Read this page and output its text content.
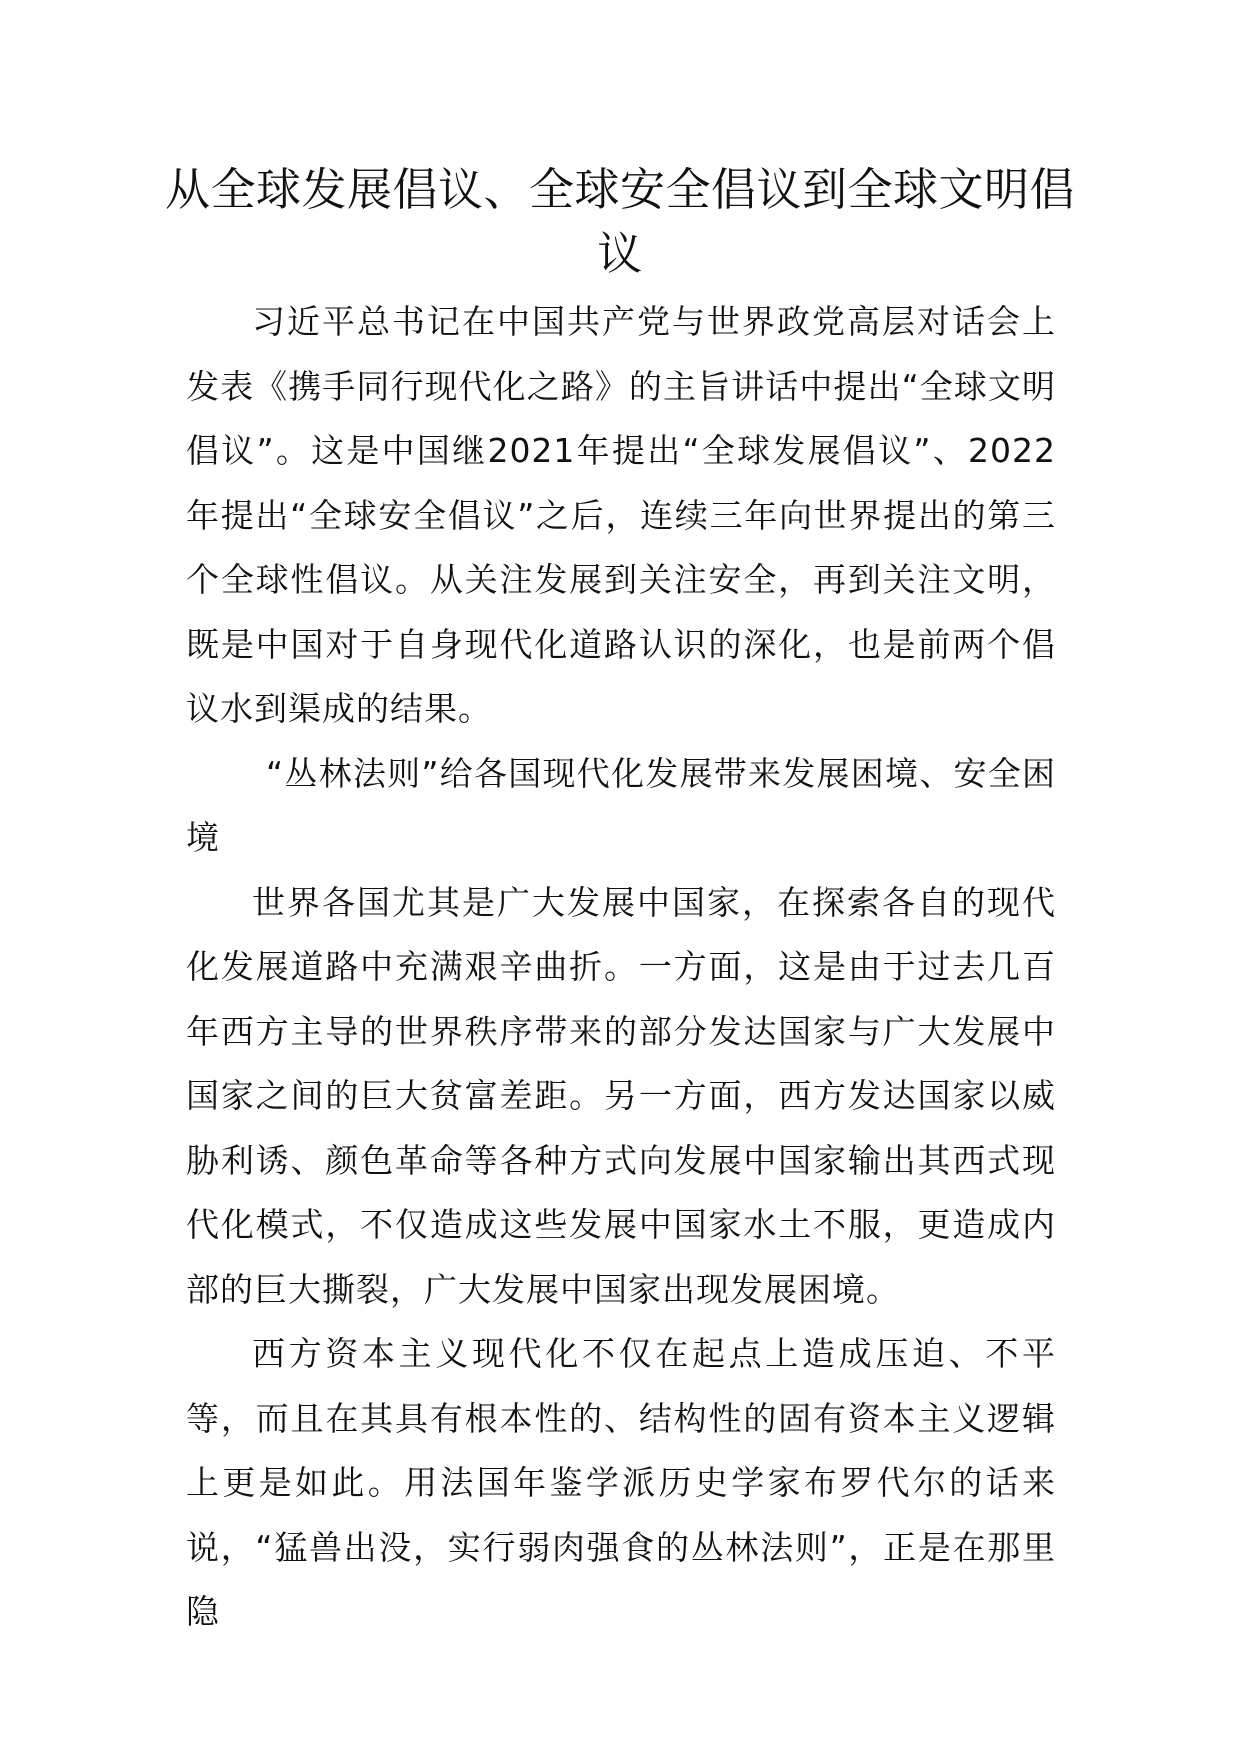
从全球发展倡议、全球安全倡议到全球文明倡议

习近平总书记在中国共产党与世界政党高层对话会上发表《携手同行现代化之路》的主旨讲话中提出“全球文明倡议”。这是中国继2021年提出“全球发展倡议”、2022年提出“全球安全倡议”之后，连续三年向世界提出的第三个全球性倡议。从关注发展到关注安全，再到关注文明，既是中国对于自身现代化道路认识的深化，也是前两个倡议水到渠成的结果。

“丛林法则”给各国现代化发展带来发展困境、安全困境

世界各国尤其是广大发展中国家，在探索各自的现代化发展道路中充满艰辛曲折。一方面，这是由于过去几百年西方主导的世界秩序带来的部分发达国家与广大发展中国家之间的巨大贫富差距。另一方面，西方发达国家以威胁利诱、颜色革命等各种方式向发展中国家输出其西式现代化模式，不仅造成这些发展中国家水土不服，更造成内部的巨大撕裂，广大发展中国家出现发展困境。

西方资本主义现代化不仅在起点上造成压迫、不平等，而且在其具有根本性的、结构性的固有资本主义逻辑上更是如此。用法国年鉴学派历史学家布罗代尔的话来说，“猛兽出没，实行弱肉强食的丛林法则”，正是在那里隐
